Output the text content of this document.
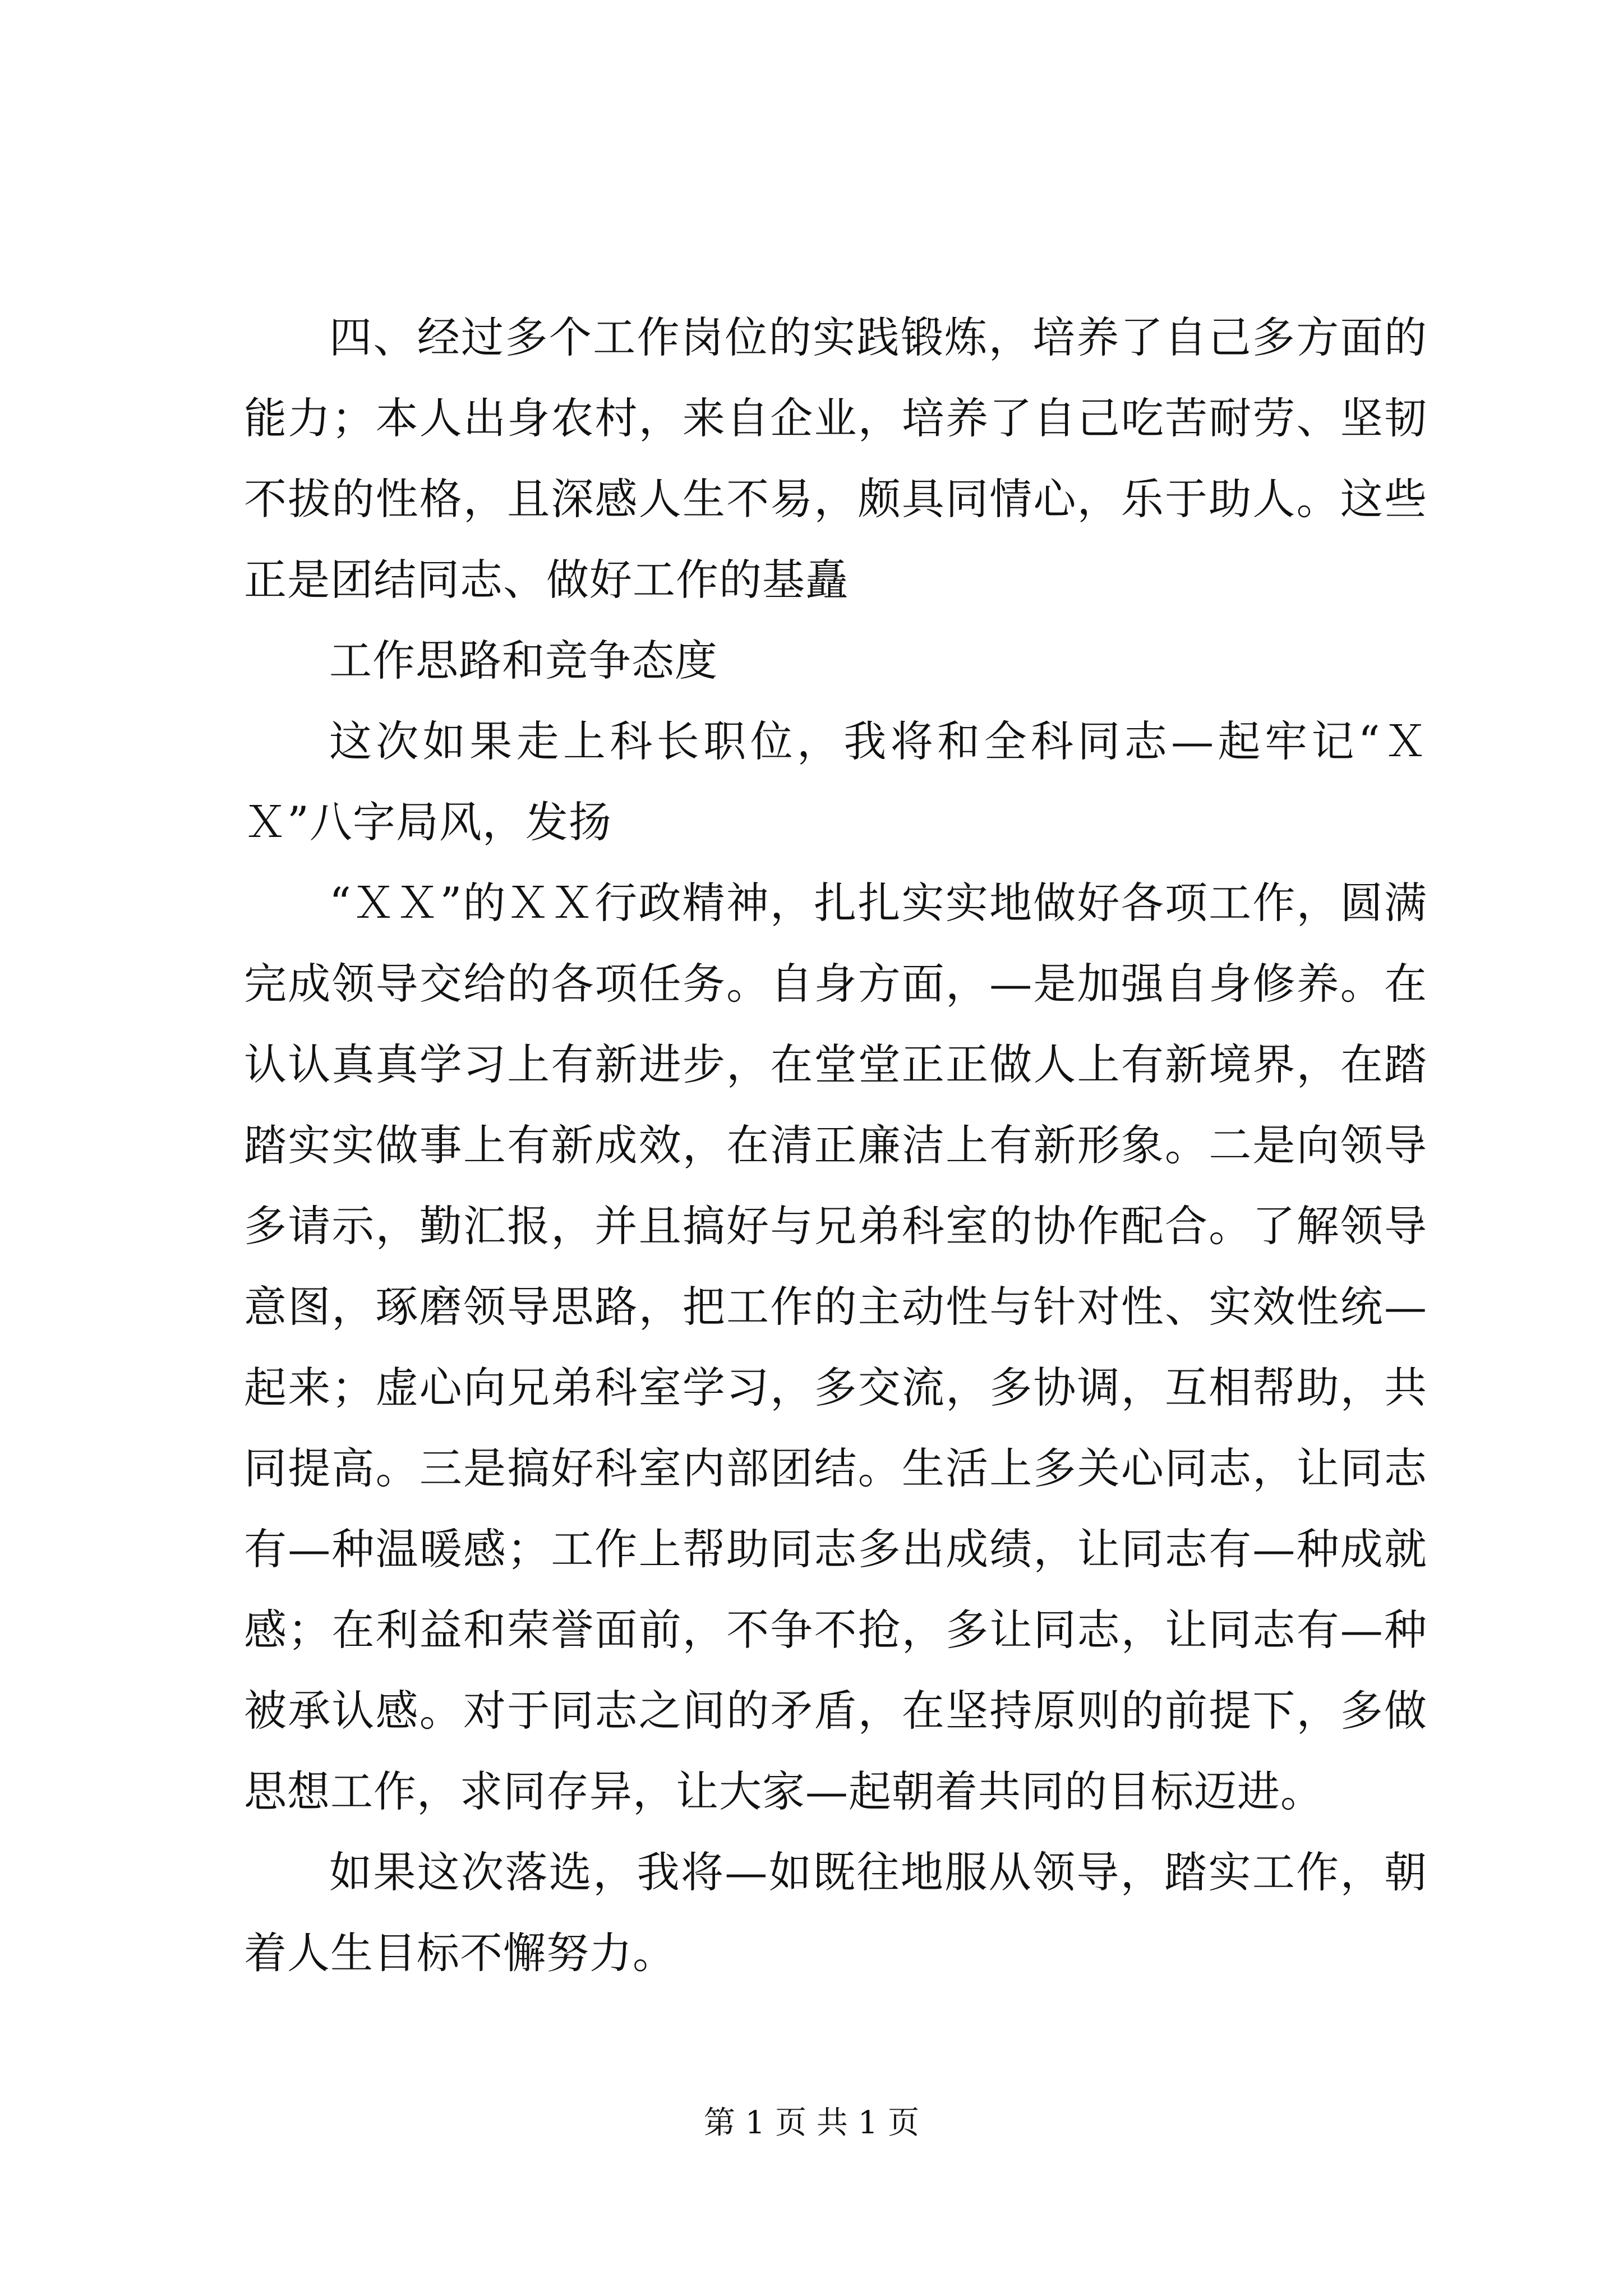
四、经过多个工作岗位的实践锻炼，培养了自己多方面的能力；本人出身农村，来自企业，培养了自己吃苦耐劳、坚韧不拔的性格，且深感人生不易，颇具同情心，乐于助人。这些正是团结同志、做好工作的基矗

工作思路和竞争态度

这次如果走上科长职位，我将和全科同志—起牢记“ＸＸ”八字局风，发扬

“ＸＸ”的ＸＸ行政精神，扎扎实实地做好各项工作，圆满完成领导交给的各项任务。自身方面，—是加强自身修养。在认认真真学习上有新进步，在堂堂正正做人上有新境界，在踏踏实实做事上有新成效，在清正廉洁上有新形象。二是向领导多请示，勤汇报，并且搞好与兄弟科室的协作配合。了解领导意图，琢磨领导思路，把工作的主动性与针对性、实效性统—起来；虚心向兄弟科室学习，多交流，多协调，互相帮助，共同提高。三是搞好科室内部团结。生活上多关心同志，让同志有—种温暖感；工作上帮助同志多出成绩，让同志有—种成就感；在利益和荣誉面前，不争不抢，多让同志，让同志有—种被承认感。对于同志之间的矛盾，在坚持原则的前提下，多做思想工作，求同存异，让大家—起朝着共同的目标迈进。

如果这次落选，我将—如既往地服从领导，踏实工作，朝着人生目标不懈努力。

第 1 页 共 1 页
